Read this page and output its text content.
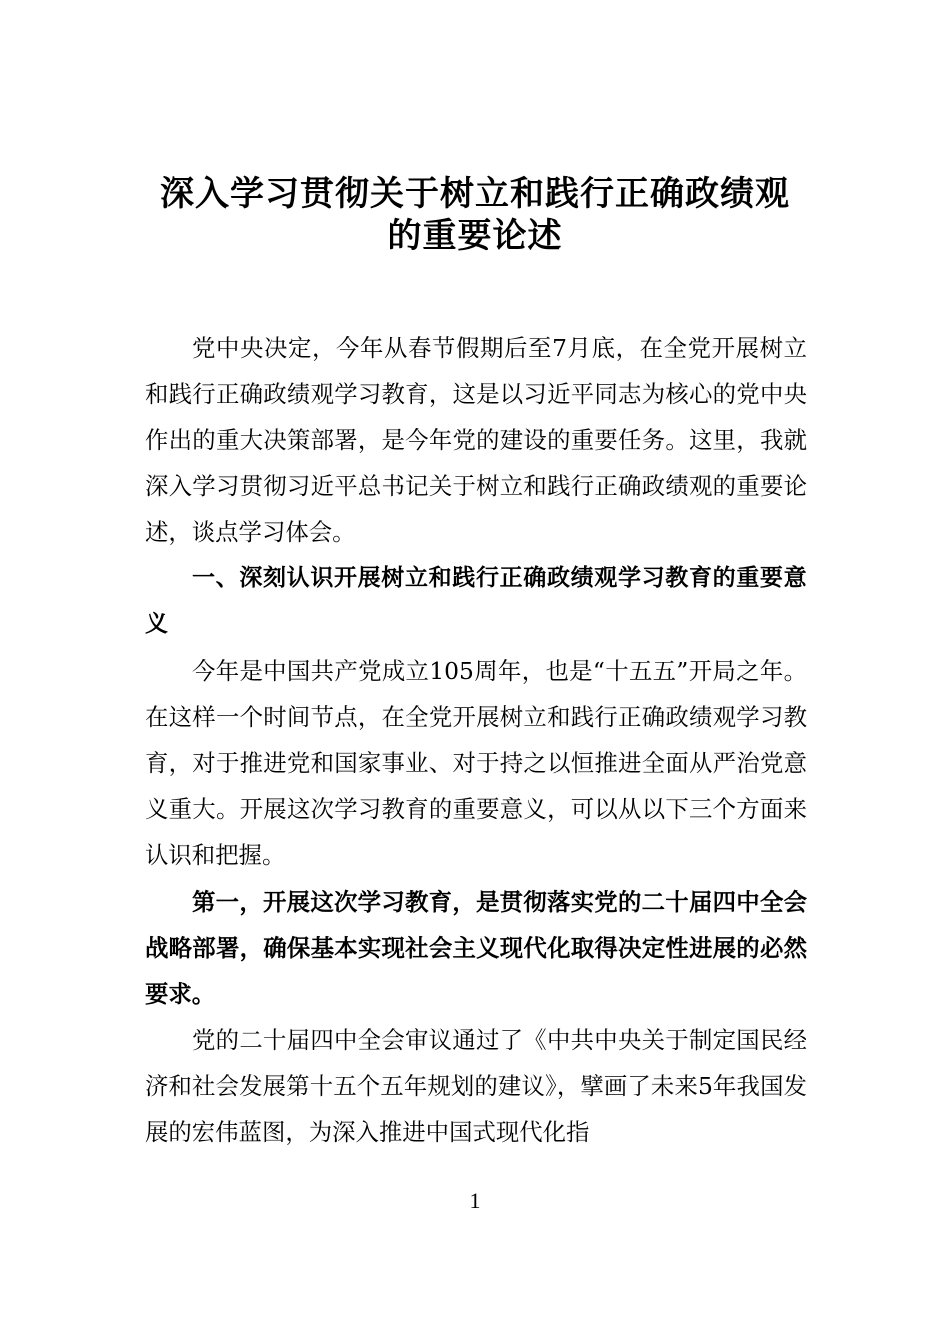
深入学习贯彻关于树立和践行正确政绩观
的重要论述

党中央决定，今年从春节假期后至7月底，在全党开展树立和践行正确政绩观学习教育，这是以习近平同志为核心的党中央作出的重大决策部署，是今年党的建设的重要任务。这里，我就深入学习贯彻习近平总书记关于树立和践行正确政绩观的重要论述，谈点学习体会。

一、深刻认识开展树立和践行正确政绩观学习教育的重要意义

今年是中国共产党成立105周年，也是“十五五”开局之年。在这样一个时间节点，在全党开展树立和践行正确政绩观学习教育，对于推进党和国家事业、对于持之以恒推进全面从严治党意义重大。开展这次学习教育的重要意义，可以从以下三个方面来认识和把握。

第一，开展这次学习教育，是贯彻落实党的二十届四中全会战略部署，确保基本实现社会主义现代化取得决定性进展的必然要求。

党的二十届四中全会审议通过了《中共中央关于制定国民经济和社会发展第十五个五年规划的建议》，擘画了未来5年我国发展的宏伟蓝图，为深入推进中国式现代化指

1
